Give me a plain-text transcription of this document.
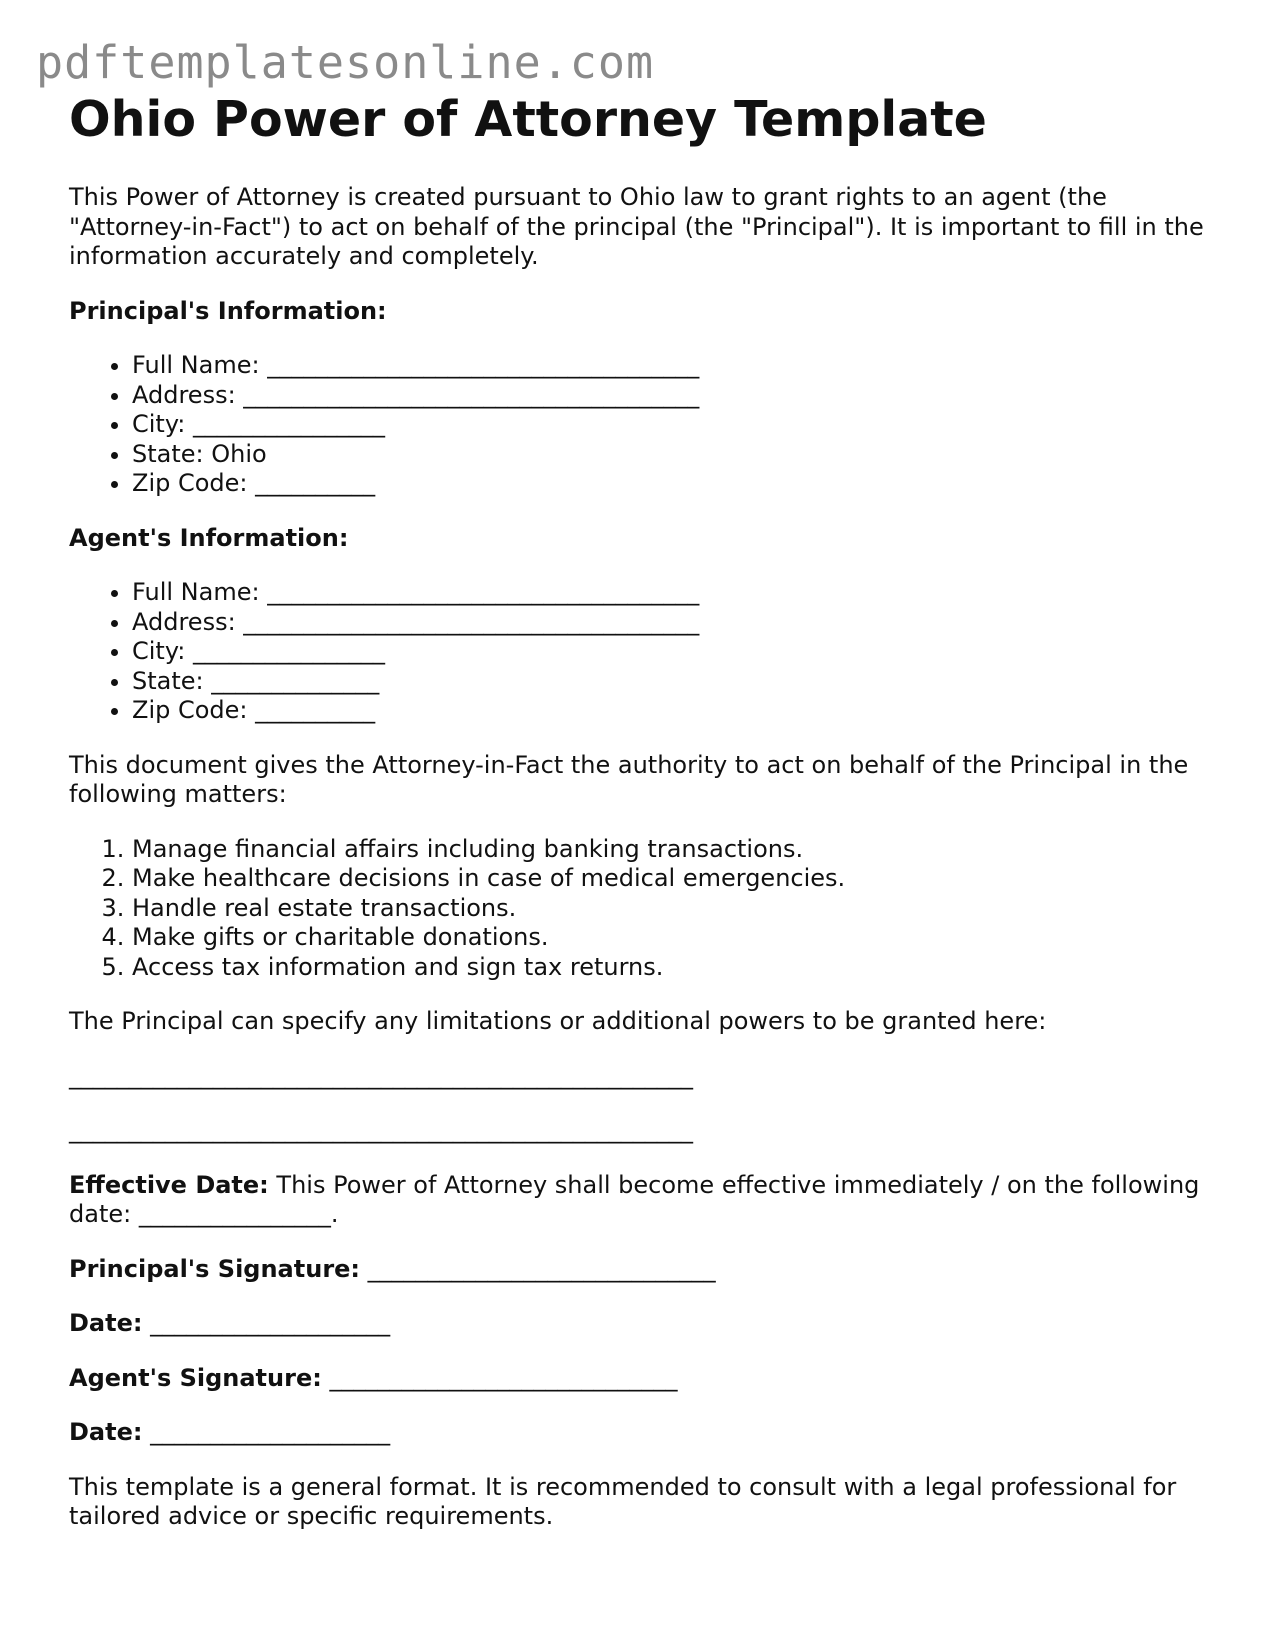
pdftemplatesonline.com
Ohio Power of Attorney Template

This Power of Attorney is created pursuant to Ohio law to grant rights to an agent (the "Attorney-in-Fact") to act on behalf of the principal (the "Principal"). It is important to fill in the information accurately and completely.

Principal's Information:

• Full Name: ____________________________________
• Address: ______________________________________
• City: ________________
• State: Ohio
• Zip Code: __________

Agent's Information:

• Full Name: ____________________________________
• Address: ______________________________________
• City: ________________
• State: ______________
• Zip Code: __________

This document gives the Attorney-in-Fact the authority to act on behalf of the Principal in the following matters:

1. Manage financial affairs including banking transactions.
2. Make healthcare decisions in case of medical emergencies.
3. Handle real estate transactions.
4. Make gifts or charitable donations.
5. Access tax information and sign tax returns.

The Principal can specify any limitations or additional powers to be granted here:

____________________________________________________

____________________________________________________

Effective Date: This Power of Attorney shall become effective immediately / on the following date: ________________.

Principal's Signature: _____________________________

Date: ____________________

Agent's Signature: _____________________________

Date: ____________________

This template is a general format. It is recommended to consult with a legal professional for tailored advice or specific requirements.
